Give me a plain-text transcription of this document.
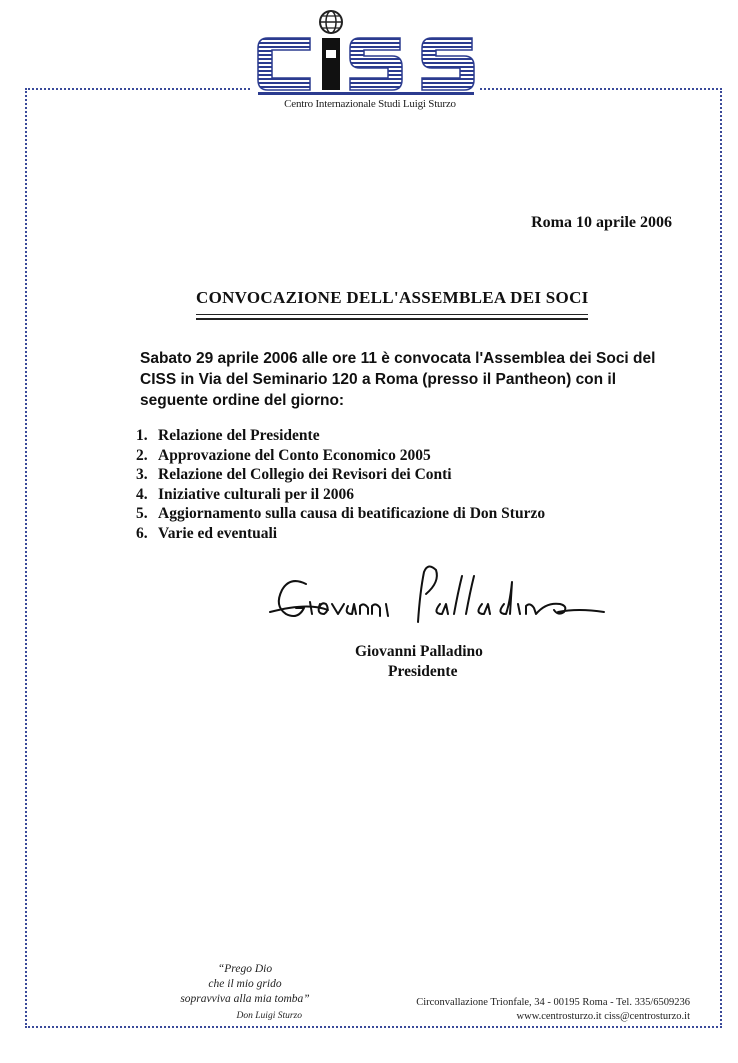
Centro Internazionale Studi Luigi Sturzo
Roma 10 aprile 2006
CONVOCAZIONE DELL'ASSEMBLEA DEI SOCI
Sabato 29 aprile 2006 alle ore 11 è convocata l'Assemblea dei Soci del CISS in Via del Seminario 120 a Roma (presso il Pantheon) con il seguente ordine del giorno:
1. Relazione del Presidente
2. Approvazione del Conto Economico 2005
3. Relazione del Collegio dei Revisori dei Conti
4. Iniziative culturali per il 2006
5. Aggiornamento sulla causa di beatificazione di Don Sturzo
6. Varie ed eventuali
Giovanni Palladino
Giovanni Palladino
Presidente
“Prego Dio
che il mio grido
sopravviva alla mia tomba”
Don Luigi Sturzo
Circonvallazione Trionfale, 34 - 00195 Roma - Tel. 335/6509236
www.centrosturzo.it ciss@centrosturzo.it
